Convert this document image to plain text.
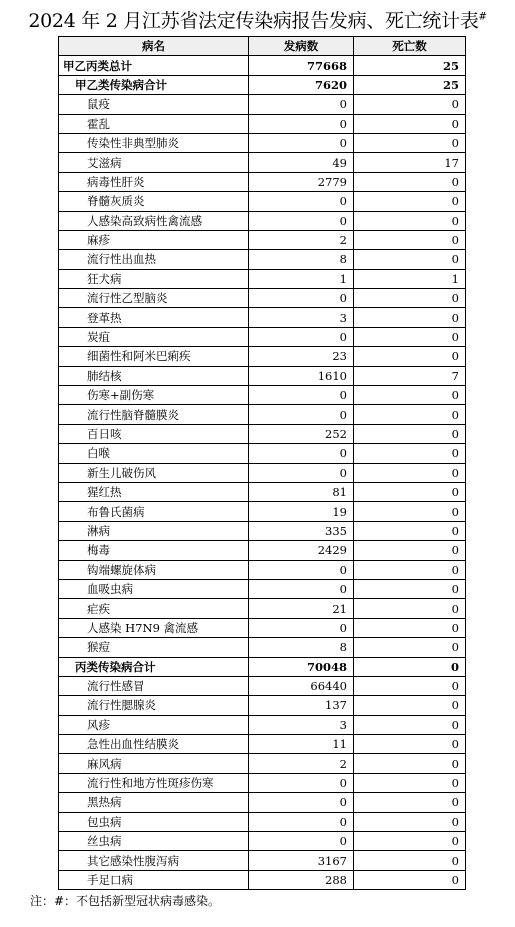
2024 年 2 月江苏省法定传染病报告发病、死亡统计表#
病名	发病数	死亡数
甲乙丙类总计	77668	25
甲乙类传染病合计	7620	25
鼠疫	0	0
霍乱	0	0
传染性非典型肺炎	0	0
艾滋病	49	17
病毒性肝炎	2779	0
脊髓灰质炎	0	0
人感染高致病性禽流感	0	0
麻疹	2	0
流行性出血热	8	0
狂犬病	1	1
流行性乙型脑炎	0	0
登革热	3	0
炭疽	0	0
细菌性和阿米巴痢疾	23	0
肺结核	1610	7
伤寒+副伤寒	0	0
流行性脑脊髓膜炎	0	0
百日咳	252	0
白喉	0	0
新生儿破伤风	0	0
猩红热	81	0
布鲁氏菌病	19	0
淋病	335	0
梅毒	2429	0
钩端螺旋体病	0	0
血吸虫病	0	0
疟疾	21	0
人感染 H7N9 禽流感	0	0
猴痘	8	0
丙类传染病合计	70048	0
流行性感冒	66440	0
流行性腮腺炎	137	0
风疹	3	0
急性出血性结膜炎	11	0
麻风病	2	0
流行性和地方性斑疹伤寒	0	0
黑热病	0	0
包虫病	0	0
丝虫病	0	0
其它感染性腹泻病	3167	0
手足口病	288	0
注：#：不包括新型冠状病毒感染。
